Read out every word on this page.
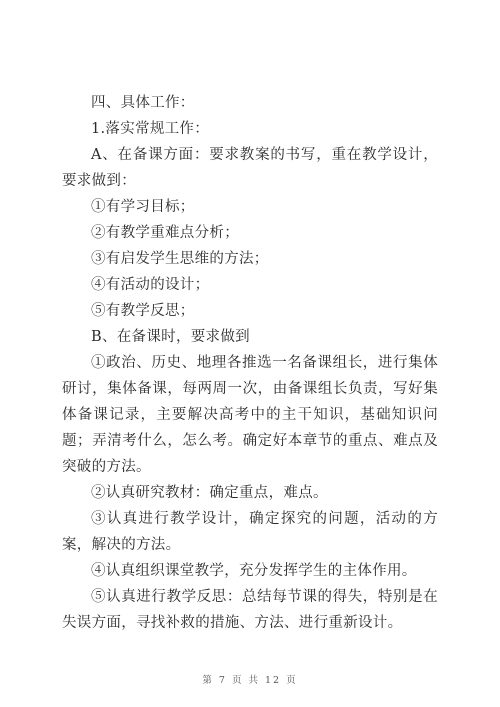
四、具体工作：

1.落实常规工作：

A、在备课方面：要求教案的书写，重在教学设计，要求做到：

①有学习目标；

②有教学重难点分析；

③有启发学生思维的方法；

④有活动的设计；

⑤有教学反思；

B、在备课时，要求做到

①政治、历史、地理各推选一名备课组长，进行集体研讨，集体备课，每两周一次，由备课组长负责，写好集体备课记录，主要解决高考中的主干知识，基础知识问题；弄清考什么，怎么考。确定好本章节的重点、难点及突破的方法。

②认真研究教材：确定重点，难点。

③认真进行教学设计，确定探究的问题，活动的方案，解决的方法。

④认真组织课堂教学，充分发挥学生的主体作用。

⑤认真进行教学反思：总结每节课的得失，特别是在失误方面，寻找补救的措施、方法、进行重新设计。

第 7 页 共 12 页
